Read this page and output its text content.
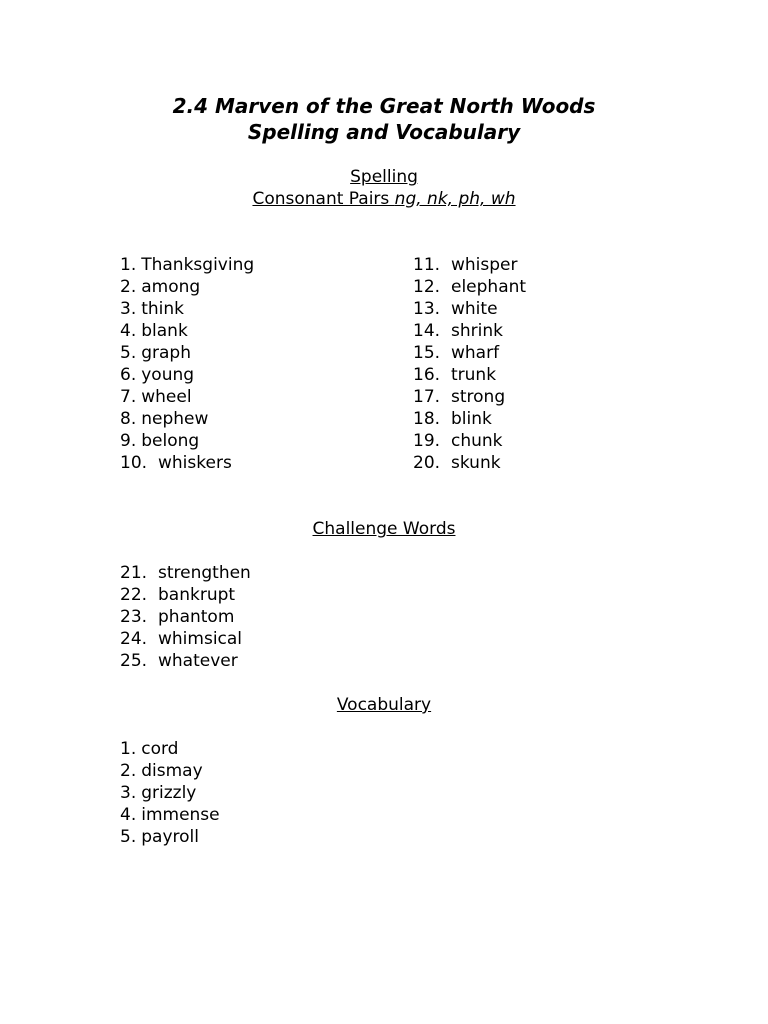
2.4 Marven of the Great North Woods
Spelling and Vocabulary
Spelling
Consonant Pairs ng, nk, ph, wh
1. Thanksgiving
2. among
3. think
4. blank
5. graph
6. young
7. wheel
8. nephew
9. belong
10. whiskers
11. whisper
12. elephant
13. white
14. shrink
15. wharf
16. trunk
17. strong
18. blink
19. chunk
20. skunk
Challenge Words
21. strengthen
22. bankrupt
23. phantom
24. whimsical
25. whatever
Vocabulary
1. cord
2. dismay
3. grizzly
4. immense
5. payroll
